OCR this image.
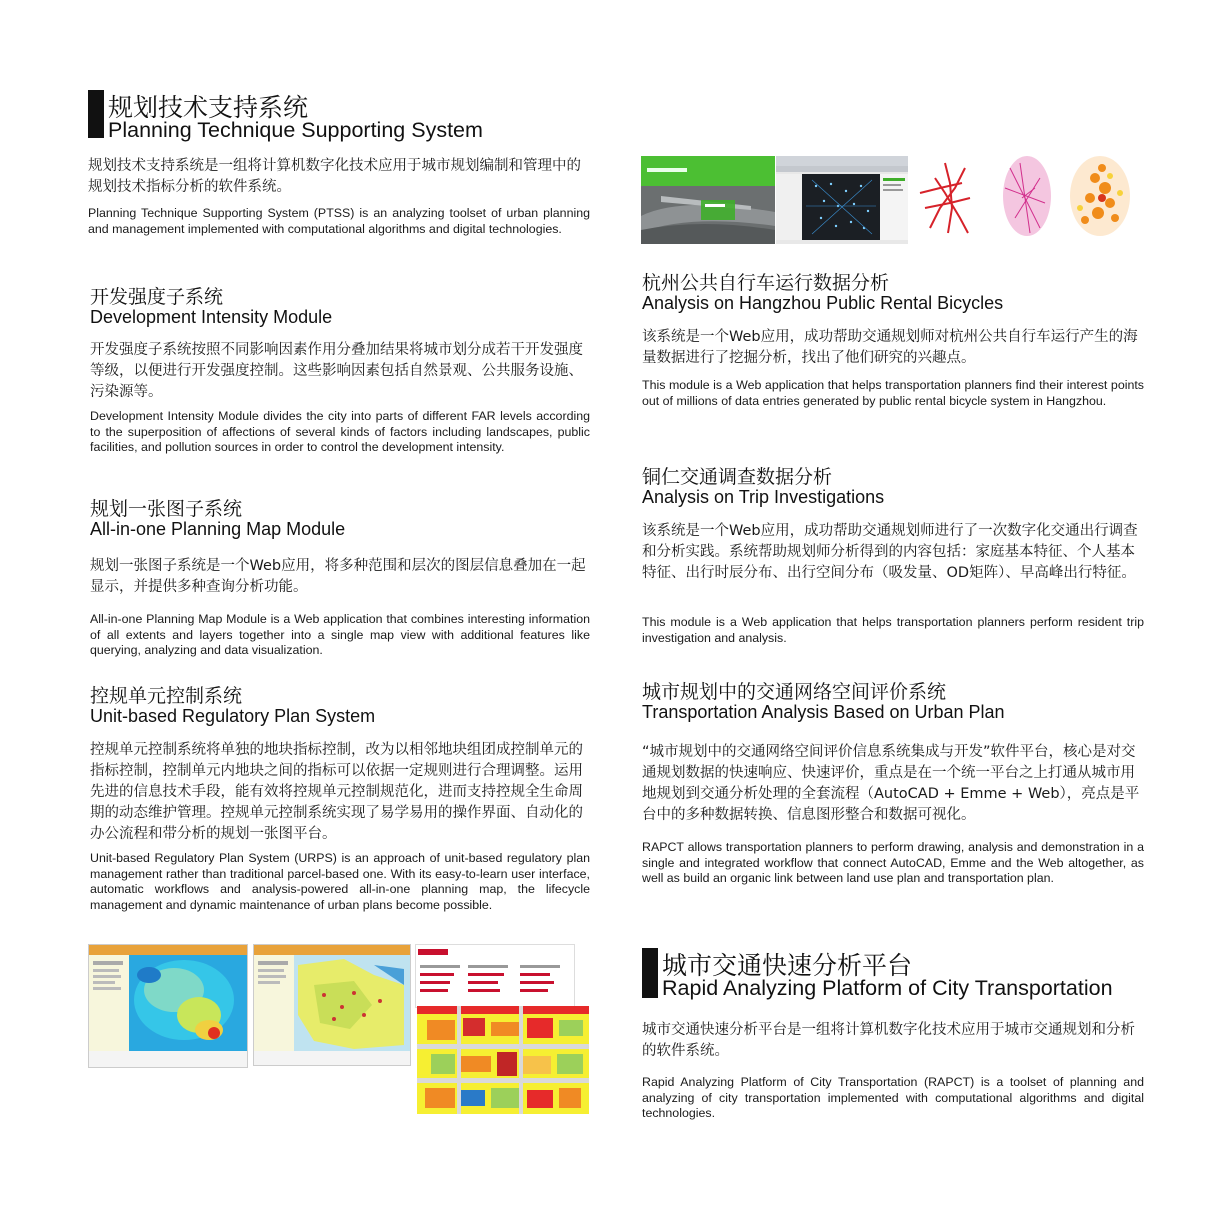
规划技术支持系统
Planning Technique Supporting System
规划技术支持系统是一组将计算机数字化技术应用于城市规划编制和管理中的规划技术指标分析的软件系统。
Planning Technique Supporting System (PTSS) is an analyzing toolset of urban planning and management implemented with computational algorithms and digital technologies.
开发强度子系统
Development Intensity Module
开发强度子系统按照不同影响因素作用分叠加结果将城市划分成若干开发强度等级，以便进行开发强度控制。这些影响因素包括自然景观、公共服务设施、污染源等。
Development Intensity Module divides the city into parts of different FAR levels according to the superposition of affections of several kinds of factors including landscapes, public facilities, and pollution sources in order to control the development intensity.
规划一张图子系统
All-in-one Planning Map Module
规划一张图子系统是一个Web应用，将多种范围和层次的图层信息叠加在一起显示，并提供多种查询分析功能。
All-in-one Planning Map Module is a Web application that combines interesting information of all extents and layers together into a single map view with additional features like querying, analyzing and data visualization.
控规单元控制系统
Unit-based Regulatory Plan System
控规单元控制系统将单独的地块指标控制，改为以相邻地块组团成控制单元的指标控制，控制单元内地块之间的指标可以依据一定规则进行合理调整。运用先进的信息技术手段，能有效将控规单元控制规范化，进而支持控规全生命周期的动态维护管理。控规单元控制系统实现了易学易用的操作界面、自动化的办公流程和带分析的规划一张图平台。
Unit-based Regulatory Plan System (URPS) is an approach of unit-based regulatory plan management rather than traditional parcel-based one. With its easy-to-learn user interface, automatic workflows and analysis-powered all-in-one planning map, the lifecycle management and dynamic maintenance of urban plans become possible.
杭州公共自行车运行数据分析
Analysis on Hangzhou Public Rental Bicycles
该系统是一个Web应用，成功帮助交通规划师对杭州公共自行车运行产生的海量数据进行了挖掘分析，找出了他们研究的兴趣点。
This module is a Web application that helps transportation planners find their interest points out of millions of data entries generated by public rental bicycle system in Hangzhou.
铜仁交通调查数据分析
Analysis on Trip Investigations
该系统是一个Web应用，成功帮助交通规划师进行了一次数字化交通出行调查和分析实践。系统帮助规划师分析得到的内容包括：家庭基本特征、个人基本特征、出行时辰分布、出行空间分布（吸发量、OD矩阵）、早高峰出行特征。
This module is a Web application that helps transportation planners perform resident trip investigation and analysis.
城市规划中的交通网络空间评价系统
Transportation Analysis Based on Urban Plan
“城市规划中的交通网络空间评价信息系统集成与开发”软件平台，核心是对交通规划数据的快速响应、快速评价，重点是在一个统一平台之上打通从城市用地规划到交通分析处理的全套流程（AutoCAD + Emme + Web），亮点是平台中的多种数据转换、信息图形整合和数据可视化。
RAPCT allows transportation planners to perform drawing, analysis and demonstration in a single and integrated workflow that connect AutoCAD, Emme and the Web altogether, as well as build an organic link between land use plan and transportation plan.
城市交通快速分析平台
Rapid Analyzing Platform of City Transportation
城市交通快速分析平台是一组将计算机数字化技术应用于城市交通规划和分析的软件系统。
Rapid Analyzing Platform of City Transportation (RAPCT) is a toolset of planning and analyzing of city transportation implemented with computational algorithms and digital technologies.
